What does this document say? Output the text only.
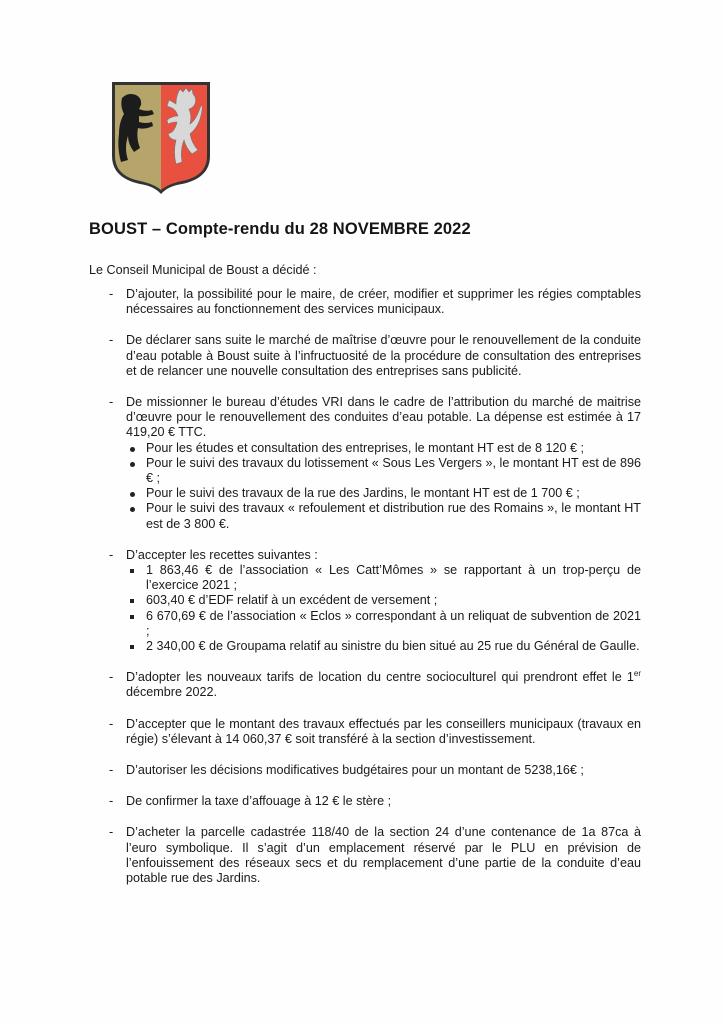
BOUST – Compte-rendu du 28 NOVEMBRE 2022
Le Conseil Municipal de Boust a décidé :
- D’ajouter, la possibilité pour le maire, de créer, modifier et supprimer les régies comptables nécessaires au fonctionnement des services municipaux.
- De déclarer sans suite le marché de maîtrise d’œuvre pour le renouvellement de la conduite d’eau potable à Boust suite à l’infructuosité de la procédure de consultation des entreprises et de relancer une nouvelle consultation des entreprises sans publicité.
- De missionner le bureau d’études VRI dans le cadre de l’attribution du marché de maitrise d’œuvre pour le renouvellement des conduites d’eau potable. La dépense est estimée à 17 419,20 € TTC.
Pour les études et consultation des entreprises, le montant HT est de 8 120 € ;
Pour le suivi des travaux du lotissement « Sous Les Vergers », le montant HT est de 896 € ;
Pour le suivi des travaux de la rue des Jardins, le montant HT est de 1 700 € ;
Pour le suivi des travaux « refoulement et distribution rue des Romains », le montant HT est de 3 800 €.
- D’accepter les recettes suivantes :
1 863,46 € de l’association « Les Catt’Mômes » se rapportant à un trop-perçu de l’exercice 2021 ;
603,40 € d’EDF relatif à un excédent de versement ;
6 670,69 € de l’association « Eclos » correspondant à un reliquat de subvention de 2021 ;
2 340,00 € de Groupama relatif au sinistre du bien situé au 25 rue du Général de Gaulle.
- D’adopter les nouveaux tarifs de location du centre socioculturel qui prendront effet le 1er décembre 2022.
- D’accepter que le montant des travaux effectués par les conseillers municipaux (travaux en régie) s’élevant à 14 060,37 € soit transféré à la section d’investissement.
- D’autoriser les décisions modificatives budgétaires pour un montant de 5238,16€ ;
- De confirmer la taxe d’affouage à 12 € le stère ;
- D’acheter la parcelle cadastrée 118/40 de la section 24 d’une contenance de 1a 87ca à l’euro symbolique. Il s’agit d’un emplacement réservé par le PLU en prévision de l’enfouissement des réseaux secs et du remplacement d’une partie de la conduite d’eau potable rue des Jardins.
